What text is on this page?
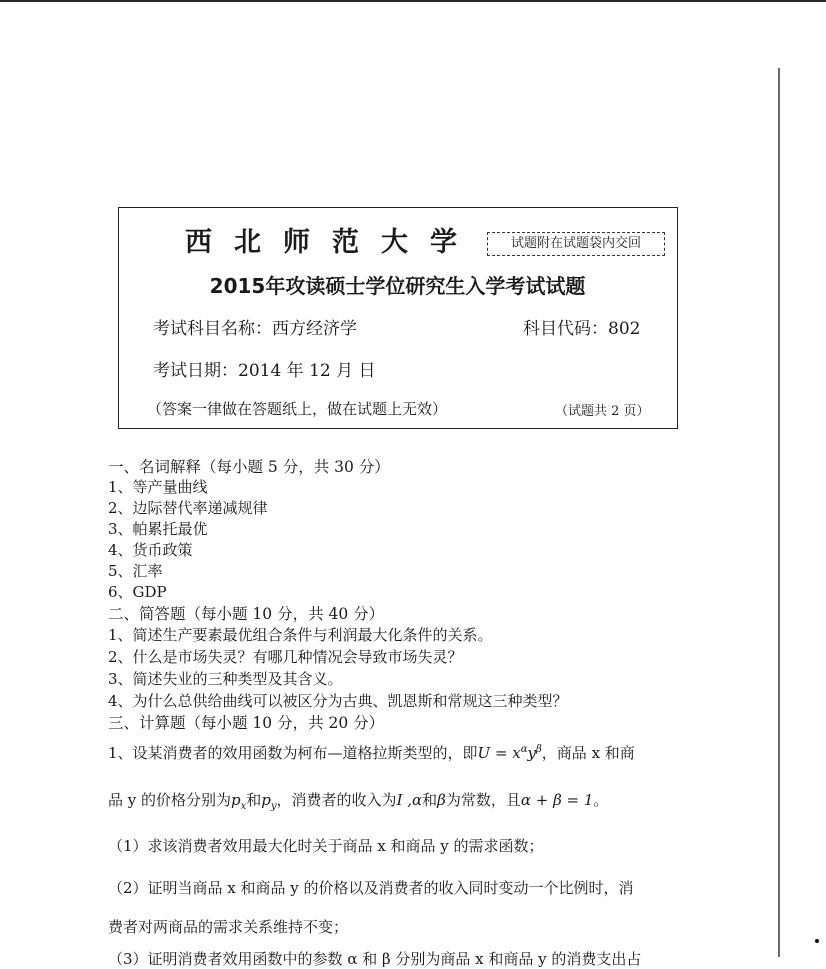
西北师范大学	试题附在试题袋内交回
2015年攻读硕士学位研究生入学考试试题
考试科目名称：西方经济学	科目代码：802
考试日期：2014 年 12 月 日
（答案一律做在答题纸上，做在试题上无效）	（试题共 2 页）
一、名词解释（每小题 5 分，共 30 分）
1、等产量曲线
2、边际替代率递减规律
3、帕累托最优
4、货币政策
5、汇率
6、GDP
二、简答题（每小题 10 分，共 40 分）
1、简述生产要素最优组合条件与利润最大化条件的关系。
2、什么是市场失灵？有哪几种情况会导致市场失灵？
3、简述失业的三种类型及其含义。
4、为什么总供给曲线可以被区分为古典、凯恩斯和常规这三种类型？
三、计算题（每小题 10 分，共 20 分）
1、设某消费者的效用函数为柯布—道格拉斯类型的，即$U = x^\alpha y^\beta$，商品 x 和商
品 y 的价格分别为$p_x$和$p_y$，消费者的收入为I ,α和β为常数，且α + β = 1。
（1）求该消费者效用最大化时关于商品 x 和商品 y 的需求函数；
（2）证明当商品 x 和商品 y 的价格以及消费者的收入同时变动一个比例时，消
费者对两商品的需求关系维持不变；
（3）证明消费者效用函数中的参数 α 和 β 分别为商品 x 和商品 y 的消费支出占
